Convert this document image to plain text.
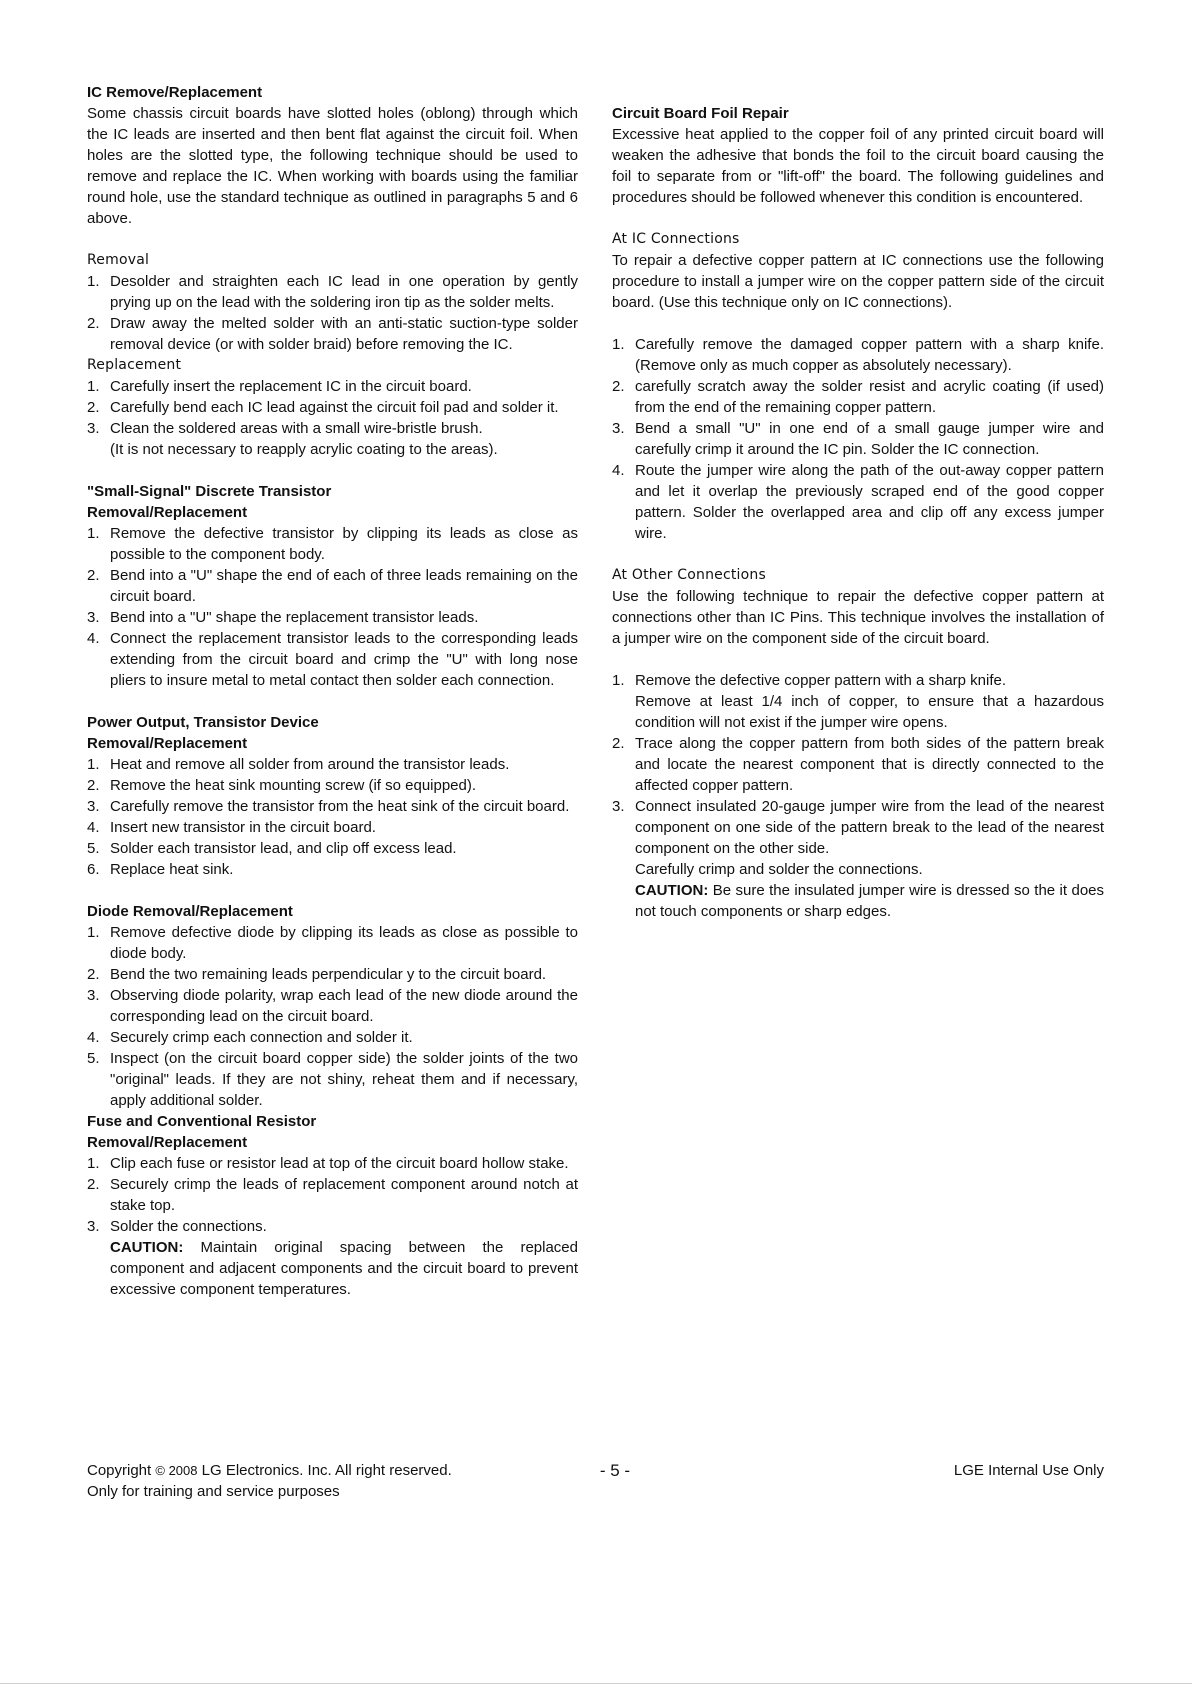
IC Remove/Replacement

Some chassis circuit boards have slotted holes (oblong) through which the IC leads are inserted and then bent flat against the circuit foil. When holes are the slotted type, the following technique should be used to remove and replace the IC. When working with boards using the familiar round hole, use the standard technique as outlined in paragraphs 5 and 6 above.

Removal

1. Desolder and straighten each IC lead in one operation by gently prying up on the lead with the soldering iron tip as the solder melts.
2. Draw away the melted solder with an anti-static suction-type solder removal device (or with solder braid) before removing the IC.

Replacement

1. Carefully insert the replacement IC in the circuit board.
2. Carefully bend each IC lead against the circuit foil pad and solder it.
3. Clean the soldered areas with a small wire-bristle brush.
(It is not necessary to reapply acrylic coating to the areas).

"Small-Signal" Discrete Transistor

Removal/Replacement

1. Remove the defective transistor by clipping its leads as close as possible to the component body.
2. Bend into a "U" shape the end of each of three leads remaining on the circuit board.
3. Bend into a "U" shape the replacement transistor leads.
4. Connect the replacement transistor leads to the corresponding leads extending from the circuit board and crimp the "U" with long nose pliers to insure metal to metal contact then solder each connection.

Power Output, Transistor Device

Removal/Replacement

1. Heat and remove all solder from around the transistor leads.
2. Remove the heat sink mounting screw (if so equipped).
3. Carefully remove the transistor from the heat sink of the circuit board.
4. Insert new transistor in the circuit board.
5. Solder each transistor lead, and clip off excess lead.
6. Replace heat sink.

Diode Removal/Replacement

1. Remove defective diode by clipping its leads as close as possible to diode body.
2. Bend the two remaining leads perpendicular y to the circuit board.
3. Observing diode polarity, wrap each lead of the new diode around the corresponding lead on the circuit board.
4. Securely crimp each connection and solder it.
5. Inspect (on the circuit board copper side) the solder joints of the two "original" leads. If they are not shiny, reheat them and if necessary, apply additional solder.

Fuse and Conventional Resistor

Removal/Replacement

1. Clip each fuse or resistor lead at top of the circuit board hollow stake.
2. Securely crimp the leads of replacement component around notch at stake top.
3. Solder the connections.
CAUTION: Maintain original spacing between the replaced component and adjacent components and the circuit board to prevent excessive component temperatures.

Circuit Board Foil Repair

Excessive heat applied to the copper foil of any printed circuit board will weaken the adhesive that bonds the foil to the circuit board causing the foil to separate from or "lift-off" the board. The following guidelines and procedures should be followed whenever this condition is encountered.

At IC Connections

To repair a defective copper pattern at IC connections use the following procedure to install a jumper wire on the copper pattern side of the circuit board. (Use this technique only on IC connections).

1. Carefully remove the damaged copper pattern with a sharp knife. (Remove only as much copper as absolutely necessary).
2. carefully scratch away the solder resist and acrylic coating (if used) from the end of the remaining copper pattern.
3. Bend a small "U" in one end of a small gauge jumper wire and carefully crimp it around the IC pin. Solder the IC connection.
4. Route the jumper wire along the path of the out-away copper pattern and let it overlap the previously scraped end of the good copper pattern. Solder the overlapped area and clip off any excess jumper wire.

At Other Connections

Use the following technique to repair the defective copper pattern at connections other than IC Pins. This technique involves the installation of a jumper wire on the component side of the circuit board.

1. Remove the defective copper pattern with a sharp knife.
Remove at least 1/4 inch of copper, to ensure that a hazardous condition will not exist if the jumper wire opens.
2. Trace along the copper pattern from both sides of the pattern break and locate the nearest component that is directly connected to the affected copper pattern.
3. Connect insulated 20-gauge jumper wire from the lead of the nearest component on one side of the pattern break to the lead of the nearest component on the other side.
Carefully crimp and solder the connections.
CAUTION: Be sure the insulated jumper wire is dressed so the it does not touch components or sharp edges.
Copyright © 2008 LG Electronics. Inc. All right reserved.
Only for training and service purposes
- 5 -	LGE Internal Use Only
